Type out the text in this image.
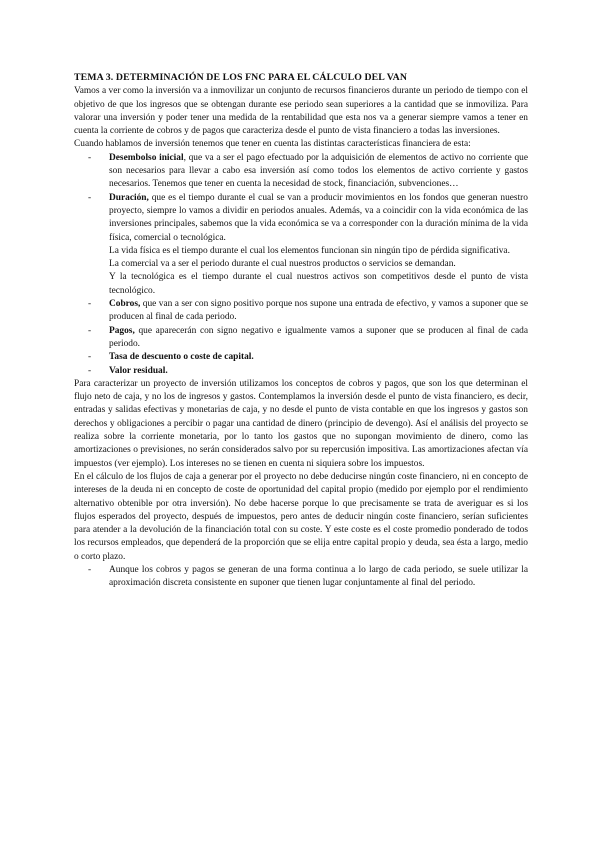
TEMA 3. DETERMINACIÓN DE LOS FNC PARA EL CÁLCULO DEL VAN

Vamos a ver como la inversión va a inmovilizar un conjunto de recursos financieros durante un periodo de tiempo con el objetivo de que los ingresos que se obtengan durante ese periodo sean superiores a la cantidad que se inmoviliza. Para valorar una inversión y poder tener una medida de la rentabilidad que esta nos va a generar siempre vamos a tener en cuenta la corriente de cobros y de pagos que caracteriza desde el punto de vista financiero a todas las inversiones.

Cuando hablamos de inversión tenemos que tener en cuenta las distintas características financiera de esta:

- Desembolso inicial, que va a ser el pago efectuado por la adquisición de elementos de activo no corriente que son necesarios para llevar a cabo esa inversión así como todos los elementos de activo corriente y gastos necesarios. Tenemos que tener en cuenta la necesidad de stock, financiación, subvenciones…
- Duración, que es el tiempo durante el cual se van a producir movimientos en los fondos que generan nuestro proyecto, siempre lo vamos a dividir en periodos anuales. Además, va a coincidir con la vida económica de las inversiones principales, sabemos que la vida económica se va a corresponder con la duración mínima de la vida física, comercial o tecnológica.

La vida física es el tiempo durante el cual los elementos funcionan sin ningún tipo de pérdida significativa.

La comercial va a ser el periodo durante el cual nuestros productos o servicios se demandan.

Y la tecnológica es el tiempo durante el cual nuestros activos son competitivos desde el punto de vista tecnológico.

- Cobros, que van a ser con signo positivo porque nos supone una entrada de efectivo, y vamos a suponer que se producen al final de cada periodo.
- Pagos, que aparecerán con signo negativo e igualmente vamos a suponer que se producen al final de cada periodo.
- Tasa de descuento o coste de capital.
- Valor residual.

Para caracterizar un proyecto de inversión utilizamos los conceptos de cobros y pagos, que son los que determinan el flujo neto de caja, y no los de ingresos y gastos. Contemplamos la inversión desde el punto de vista financiero, es decir, entradas y salidas efectivas y monetarias de caja, y no desde el punto de vista contable en que los ingresos y gastos son derechos y obligaciones a percibir o pagar una cantidad de dinero (principio de devengo). Así el análisis del proyecto se realiza sobre la corriente monetaria, por lo tanto los gastos que no supongan movimiento de dinero, como las amortizaciones o previsiones, no serán considerados salvo por su repercusión impositiva. Las amortizaciones afectan vía impuestos (ver ejemplo). Los intereses no se tienen en cuenta ni siquiera sobre los impuestos.

En el cálculo de los flujos de caja a generar por el proyecto no debe deducirse ningún coste financiero, ni en concepto de intereses de la deuda ni en concepto de coste de oportunidad del capital propio (medido por ejemplo por el rendimiento alternativo obtenible por otra inversión). No debe hacerse porque lo que precisamente se trata de averiguar es si los flujos esperados del proyecto, después de impuestos, pero antes de deducir ningún coste financiero, serían suficientes para atender a la devolución de la financiación total con su coste. Y este coste es el coste promedio ponderado de todos los recursos empleados, que dependerá de la proporción que se elija entre capital propio y deuda, sea ésta a largo, medio o corto plazo.

- Aunque los cobros y pagos se generan de una forma continua a lo largo de cada periodo, se suele utilizar la aproximación discreta consistente en suponer que tienen lugar conjuntamente al final del periodo.
